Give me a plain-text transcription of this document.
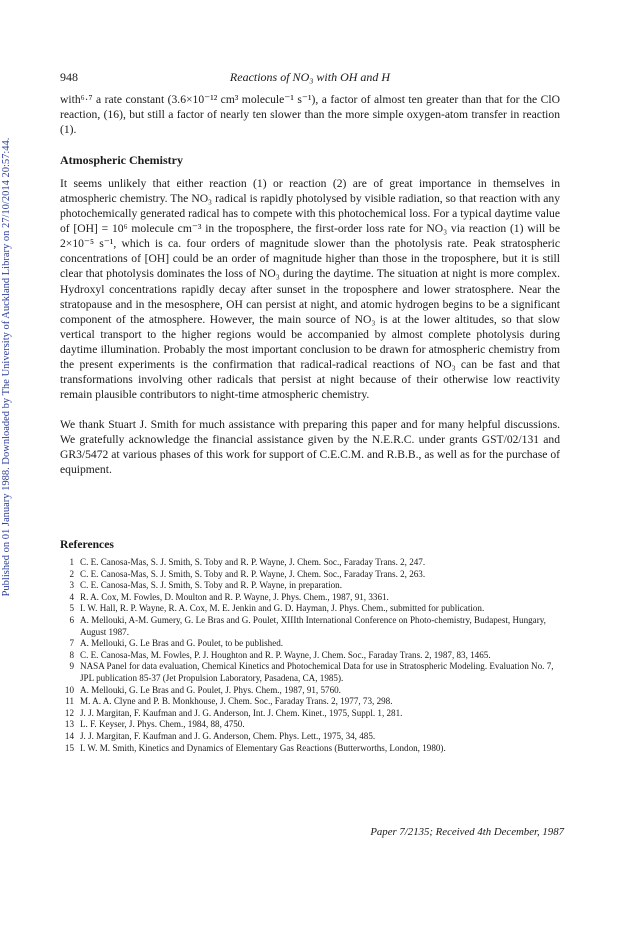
Published on 01 January 1988. Downloaded by The University of Auckland Library on 27/10/2014 20:57:44.
Reactions of NO₃ with OH and H
948

with⁶·⁷ a rate constant (3.6×10⁻¹² cm³ molecule⁻¹ s⁻¹), a factor of almost ten greater than that for the ClO reaction, (16), but still a factor of nearly ten slower than the more simple oxygen-atom transfer in reaction (1).

Atmospheric Chemistry

It seems unlikely that either reaction (1) or reaction (2) are of great importance in themselves in atmospheric chemistry. The NO₃ radical is rapidly photolysed by visible radiation, so that reaction with any photochemically generated radical has to compete with this photochemical loss. For a typical daytime value of [OH] = 10⁶ molecule cm⁻³ in the troposphere, the first-order loss rate for NO₃ via reaction (1) will be 2×10⁻⁵ s⁻¹, which is ca. four orders of magnitude slower than the photolysis rate. Peak stratospheric concentrations of [OH] could be an order of magnitude higher than those in the troposphere, but it is still clear that photolysis dominates the loss of NO₃ during the daytime. The situation at night is more complex. Hydroxyl concentrations rapidly decay after sunset in the troposphere and lower stratosphere. Near the stratopause and in the mesosphere, OH can persist at night, and atomic hydrogen begins to be a significant component of the atmosphere. However, the main source of NO₃ is at the lower altitudes, so that slow vertical transport to the higher regions would be accompanied by almost complete photolysis during daytime illumination. Probably the most important conclusion to be drawn for atmospheric chemistry from the present experiments is the confirmation that radical-radical reactions of NO₃ can be fast and that transformations involving other radicals that persist at night because of their otherwise low reactivity remain plausible contributors to night-time atmospheric chemistry.

We thank Stuart J. Smith for much assistance with preparing this paper and for many helpful discussions. We gratefully acknowledge the financial assistance given by the N.E.R.C. under grants GST/02/131 and GR3/5472 at various phases of this work for support of C.E.C.M. and R.B.B., as well as for the purchase of equipment.

References
1 C. E. Canosa-Mas, S. J. Smith, S. Toby and R. P. Wayne, J. Chem. Soc., Faraday Trans. 2, 247.
2 C. E. Canosa-Mas, S. J. Smith, S. Toby and R. P. Wayne, J. Chem. Soc., Faraday Trans. 2, 263.
3 C. E. Canosa-Mas, S. J. Smith, S. Toby and R. P. Wayne, in preparation.
4 R. A. Cox, M. Fowles, D. Moulton and R. P. Wayne, J. Phys. Chem., 1987, 91, 3361.
5 I. W. Hall, R. P. Wayne, R. A. Cox, M. E. Jenkin and G. D. Hayman, J. Phys. Chem., submitted for publication.
6 A. Mellouki, A-M. Gumery, G. Le Bras and G. Poulet, XIIIth International Conference on Photo-chemistry, Budapest, Hungary, August 1987.
7 A. Mellouki, G. Le Bras and G. Poulet, to be published.
8 C. E. Canosa-Mas, M. Fowles, P. J. Houghton and R. P. Wayne, J. Chem. Soc., Faraday Trans. 2, 1987, 83, 1465.
9 NASA Panel for data evaluation, Chemical Kinetics and Photochemical Data for use in Stratospheric Modeling. Evaluation No. 7, JPL publication 85-37 (Jet Propulsion Laboratory, Pasadena, CA, 1985).
10 A. Mellouki, G. Le Bras and G. Poulet, J. Phys. Chem., 1987, 91, 5760.
11 M. A. A. Clyne and P. B. Monkhouse, J. Chem. Soc., Faraday Trans. 2, 1977, 73, 298.
12 J. J. Margitan, F. Kaufman and J. G. Anderson, Int. J. Chem. Kinet., 1975, Suppl. 1, 281.
13 L. F. Keyser, J. Phys. Chem., 1984, 88, 4750.
14 J. J. Margitan, F. Kaufman and J. G. Anderson, Chem. Phys. Lett., 1975, 34, 485.
15 I. W. M. Smith, Kinetics and Dynamics of Elementary Gas Reactions (Butterworths, London, 1980).
Paper 7/2135; Received 4th December, 1987
